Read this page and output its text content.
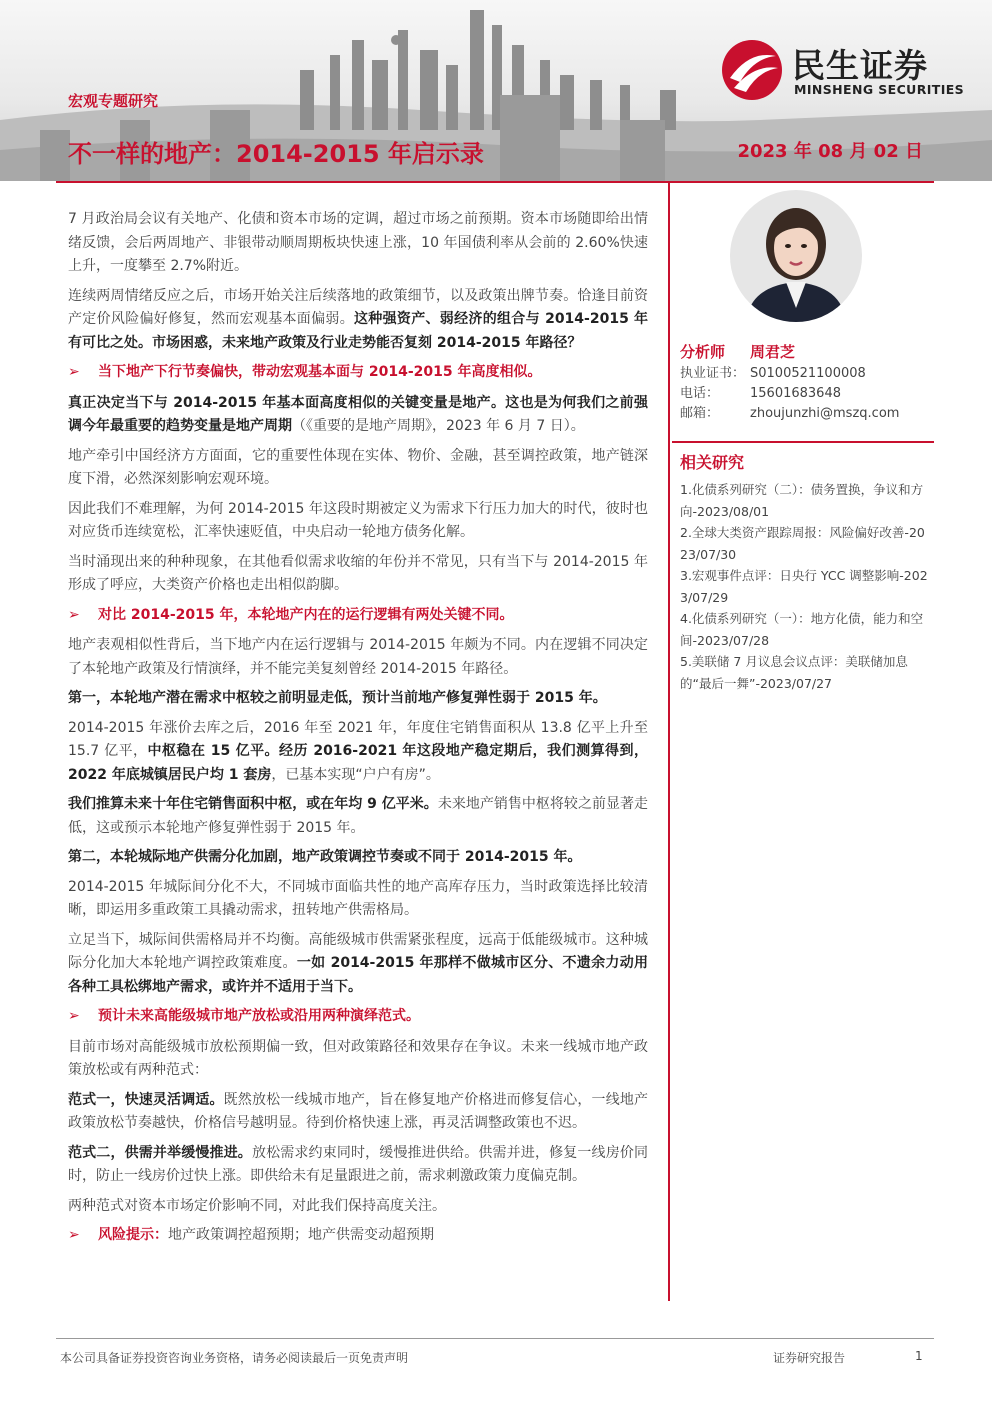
民生证券
MINSHENG SECURITIES
宏观专题研究
不一样的地产：2014-2015 年启示录	2023 年 08 月 02 日

7 月政治局会议有关地产、化债和资本市场的定调，超过市场之前预期。资本市场随即给出情绪反馈，会后两周地产、非银带动顺周期板块快速上涨，10 年国债利率从会前的 2.60%快速上升，一度攀至 2.7%附近。

连续两周情绪反应之后，市场开始关注后续落地的政策细节，以及政策出牌节奏。恰逢目前资产定价风险偏好修复，然而宏观基本面偏弱。这种强资产、弱经济的组合与 2014-2015 年有可比之处。市场困惑，未来地产政策及行业走势能否复刻 2014-2015 年路径？

➢ 当下地产下行节奏偏快，带动宏观基本面与 2014-2015 年高度相似。

真正决定当下与 2014-2015 年基本面高度相似的关键变量是地产。这也是为何我们之前强调今年最重要的趋势变量是地产周期（《重要的是地产周期》，2023 年 6 月 7 日）。

地产牵引中国经济方方面面，它的重要性体现在实体、物价、金融，甚至调控政策，地产链深度下滑，必然深刻影响宏观环境。

因此我们不难理解，为何 2014-2015 年这段时期被定义为需求下行压力加大的时代，彼时也对应货币连续宽松，汇率快速贬值，中央启动一轮地方债务化解。

当时涌现出来的种种现象，在其他看似需求收缩的年份并不常见，只有当下与 2014-2015 年形成了呼应，大类资产价格也走出相似韵脚。

➢ 对比 2014-2015 年，本轮地产内在的运行逻辑有两处关键不同。

地产表观相似性背后，当下地产内在运行逻辑与 2014-2015 年颇为不同。内在逻辑不同决定了本轮地产政策及行情演绎，并不能完美复刻曾经 2014-2015 年路径。

第一，本轮地产潜在需求中枢较之前明显走低，预计当前地产修复弹性弱于 2015 年。

2014-2015 年涨价去库之后，2016 年至 2021 年，年度住宅销售面积从 13.8 亿平上升至 15.7 亿平，中枢稳在 15 亿平。经历 2016-2021 年这段地产稳定期后，我们测算得到，2022 年底城镇居民户均 1 套房，已基本实现“户户有房”。

我们推算未来十年住宅销售面积中枢，或在年均 9 亿平米。未来地产销售中枢将较之前显著走低，这或预示本轮地产修复弹性弱于 2015 年。

第二，本轮城际地产供需分化加剧，地产政策调控节奏或不同于 2014-2015 年。

2014-2015 年城际间分化不大，不同城市面临共性的地产高库存压力，当时政策选择比较清晰，即运用多重政策工具撬动需求，扭转地产供需格局。

立足当下，城际间供需格局并不均衡。高能级城市供需紧张程度，远高于低能级城市。这种城际分化加大本轮地产调控政策难度。一如 2014-2015 年那样不做城市区分、不遗余力动用各种工具松绑地产需求，或许并不适用于当下。

➢ 预计未来高能级城市地产放松或沿用两种演绎范式。

目前市场对高能级城市放松预期偏一致，但对政策路径和效果存在争议。未来一线城市地产政策放松或有两种范式：

范式一，快速灵活调适。既然放松一线城市地产，旨在修复地产价格进而修复信心，一线地产政策放松节奏越快，价格信号越明显。待到价格快速上涨，再灵活调整政策也不迟。

范式二，供需并举缓慢推进。放松需求约束同时，缓慢推进供给。供需并进，修复一线房价同时，防止一线房价过快上涨。即供给未有足量跟进之前，需求刺激政策力度偏克制。

两种范式对资本市场定价影响不同，对此我们保持高度关注。

➢ 风险提示：地产政策调控超预期；地产供需变动超预期

分析师	周君芝
执业证书： S0100521100008
电话：	15601683648
邮箱：	zhoujunzhi@mszq.com
相关研究
1.化债系列研究（二）：债务置换，争议和方向-2023/08/01
2.全球大类资产跟踪周报：风险偏好改善-2023/07/30
3.宏观事件点评：日央行 YCC 调整影响-2023/07/29
4.化债系列研究（一）：地方化债，能力和空间-2023/07/28
5.美联储 7 月议息会议点评：美联储加息的“最后一舞”-2023/07/27
本公司具备证券投资咨询业务资格，请务必阅读最后一页免责声明	证券研究报告	1
